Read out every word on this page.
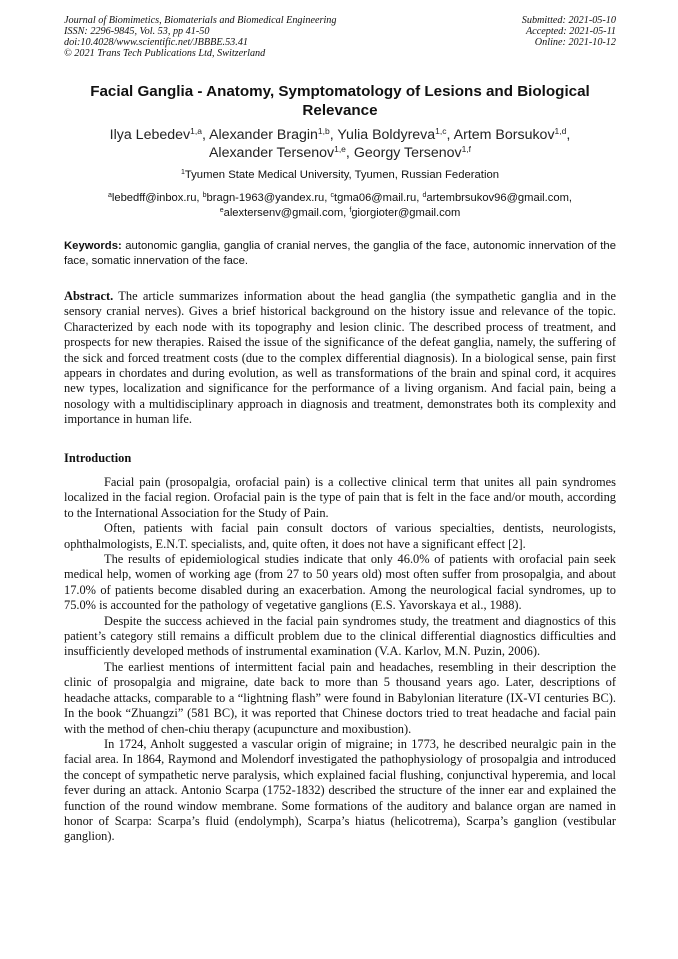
Journal of Biomimetics, Biomaterials and Biomedical Engineering
ISSN: 2296-9845, Vol. 53, pp 41-50
doi:10.4028/www.scientific.net/JBBBE.53.41
© 2021 Trans Tech Publications Ltd, Switzerland
Submitted: 2021-05-10
Accepted: 2021-05-11
Online: 2021-10-12
Facial Ganglia - Anatomy, Symptomatology of Lesions and Biological Relevance
Ilya Lebedev$^{1,a}$, Alexander Bragin$^{1,b}$, Yulia Boldyreva$^{1,c}$, Artem Borsukov$^{1,d}$,
Alexander Tersenov$^{1,e}$, Georgy Tersenov$^{1,f}$
$^1$Tyumen State Medical University, Tyumen, Russian Federation
$^a$lebedff@inbox.ru, $^b$bragn-1963@yandex.ru, $^c$tgma06@mail.ru, $^d$artembrsukov96@gmail.com,
$^e$alextersenv@gmail.com, $^f$giorgioter@gmail.com
Keywords: autonomic ganglia, ganglia of cranial nerves, the ganglia of the face, autonomic innervation of the face, somatic innervation of the face.

Abstract. The article summarizes information about the head ganglia (the sympathetic ganglia and in the sensory cranial nerves). Gives a brief historical background on the history issue and relevance of the topic. Characterized by each node with its topography and lesion clinic. The described process of treatment, and prospects for new therapies. Raised the issue of the significance of the defeat ganglia, namely, the suffering of the sick and forced treatment costs (due to the complex differential diagnosis). In a biological sense, pain first appears in chordates and during evolution, as well as transformations of the brain and spinal cord, it acquires new types, localization and significance for the performance of a living organism. And facial pain, being a nosology with a multidisciplinary approach in diagnosis and treatment, demonstrates both its complexity and importance in human life.

Introduction

Facial pain (prosopalgia, orofacial pain) is a collective clinical term that unites all pain syndromes localized in the facial region. Orofacial pain is the type of pain that is felt in the face and/or mouth, according to the International Association for the Study of Pain.

Often, patients with facial pain consult doctors of various specialties, dentists, neurologists, ophthalmologists, E.N.T. specialists, and, quite often, it does not have a significant effect [2].

The results of epidemiological studies indicate that only 46.0% of patients with orofacial pain seek medical help, women of working age (from 27 to 50 years old) most often suffer from prosopalgia, and about 17.0% of patients become disabled during an exacerbation. Among the neurological facial syndromes, up to 75.0% is accounted for the pathology of vegetative ganglions (E.S. Yavorskaya et al., 1988).

Despite the success achieved in the facial pain syndromes study, the treatment and diagnostics of this patient’s category still remains a difficult problem due to the clinical differential diagnostics difficulties and insufficiently developed methods of instrumental examination (V.A. Karlov, M.N. Puzin, 2006).

The earliest mentions of intermittent facial pain and headaches, resembling in their description the clinic of prosopalgia and migraine, date back to more than 5 thousand years ago. Later, descriptions of headache attacks, comparable to a “lightning flash” were found in Babylonian literature (IX-VI centuries BC). In the book “Zhuangzi” (581 BC), it was reported that Chinese doctors tried to treat headache and facial pain with the method of chen-chiu therapy (acupuncture and moxibustion).

In 1724, Anholt suggested a vascular origin of migraine; in 1773, he described neuralgic pain in the facial area. In 1864, Raymond and Molendorf investigated the pathophysiology of prosopalgia and introduced the concept of sympathetic nerve paralysis, which explained facial flushing, conjunctival hyperemia, and local fever during an attack. Antonio Scarpa (1752-1832) described the structure of the inner ear and explained the function of the round window membrane. Some formations of the auditory and balance organ are named in honor of Scarpa: Scarpa’s fluid (endolymph), Scarpa’s hiatus (helicotrema), Scarpa’s ganglion (vestibular ganglion).
